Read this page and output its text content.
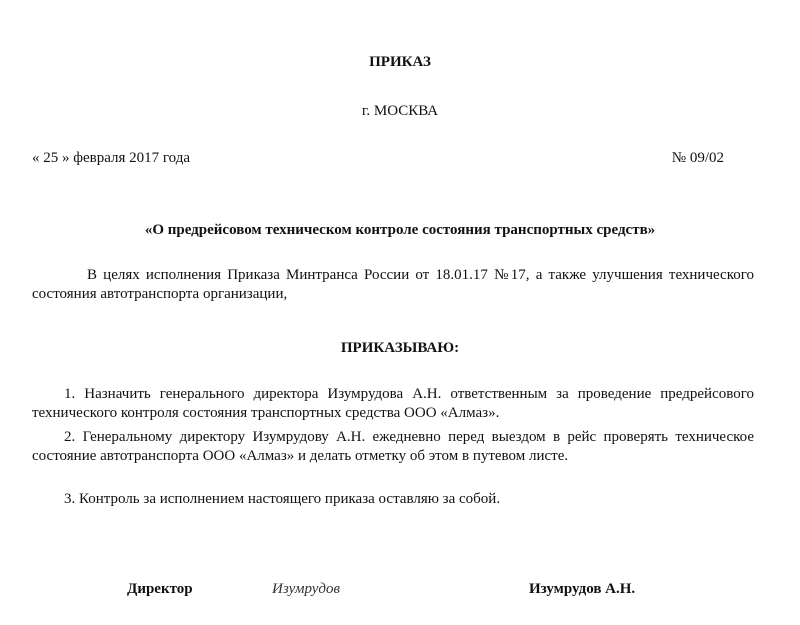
ПРИКАЗ

г. МОСКВА

« 25 » февраля 2017 года	№ 09/02

«О предрейсовом техническом контроле состояния транспортных средств»

В целях исполнения Приказа Минтранса России от 18.01.17 №17, а также улучшения технического состояния автотранспорта организации,

ПРИКАЗЫВАЮ:

1. Назначить генерального директора Изумрудова А.Н. ответственным за проведение предрейсового технического контроля состояния транспортных средства ООО «Алмаз».

2. Генеральному директору Изумрудову А.Н. ежедневно перед выездом в рейс проверять техническое состояние автотранспорта ООО «Алмаз» и делать отметку об этом в путевом листе.

3. Контроль за исполнением настоящего приказа оставляю за собой.

Директор	Изумрудов	Изумрудов А.Н.
